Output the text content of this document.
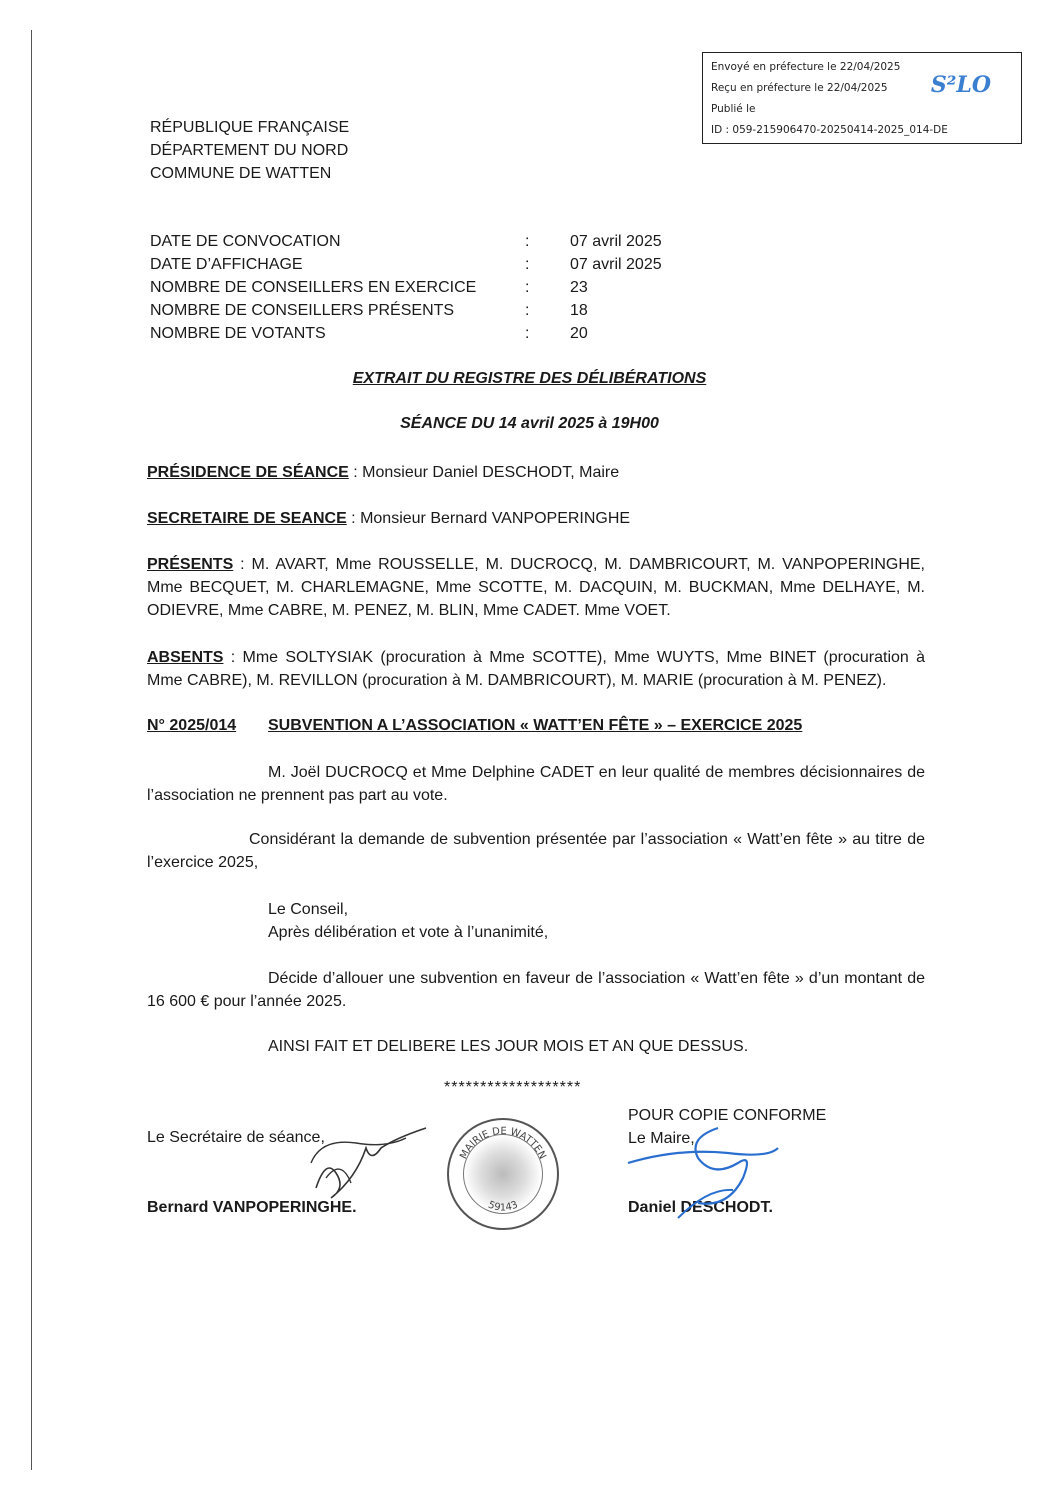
Envoyé en préfecture le 22/04/2025
Reçu en préfecture le 22/04/2025
Publié le
ID : 059-215906470-20250414-2025_014-DE
S²LO
RÉPUBLIQUE FRANÇAISE
DÉPARTEMENT DU NORD
COMMUNE DE WATTEN
DATE DE CONVOCATION	:	07 avril 2025
DATE D’AFFICHAGE	:	07 avril 2025
NOMBRE DE CONSEILLERS EN EXERCICE	:	23
NOMBRE DE CONSEILLERS PRÉSENTS	:	18
NOMBRE DE VOTANTS	:	20
EXTRAIT DU REGISTRE DES DÉLIBÉRATIONS
SÉANCE DU 14 avril 2025 à 19H00
PRÉSIDENCE DE SÉANCE : Monsieur Daniel DESCHODT, Maire
SECRETAIRE DE SEANCE : Monsieur Bernard VANPOPERINGHE
PRÉSENTS : M. AVART, Mme ROUSSELLE, M. DUCROCQ, M. DAMBRICOURT, M. VANPOPERINGHE, Mme BECQUET, M. CHARLEMAGNE, Mme SCOTTE, M. DACQUIN, M. BUCKMAN, Mme DELHAYE, M. ODIEVRE, Mme CABRE, M. PENEZ, M. BLIN, Mme CADET. Mme VOET.
ABSENTS : Mme SOLTYSIAK (procuration à Mme SCOTTE), Mme WUYTS, Mme BINET (procuration à Mme CABRE), M. REVILLON (procuration à M. DAMBRICOURT), M. MARIE (procuration à M. PENEZ).
N° 2025/014 SUBVENTION A L’ASSOCIATION « WATT’EN FÊTE » – EXERCICE 2025
M. Joël DUCROCQ et Mme Delphine CADET en leur qualité de membres décisionnaires de l’association ne prennent pas part au vote.
Considérant la demande de subvention présentée par l’association « Watt’en fête » au titre de l’exercice 2025,
Le Conseil,
Après délibération et vote à l’unanimité,
Décide d’allouer une subvention en faveur de l’association « Watt’en fête » d’un montant de 16 600 € pour l’année 2025.
AINSI FAIT ET DELIBERE LES JOUR MOIS ET AN QUE DESSUS.
*******************
Le Secrétaire de séance,
Bernard VANPOPERINGHE.
MAIRIE DE WATTEN
59143
POUR COPIE CONFORME
Le Maire,
Daniel DESCHODT.
